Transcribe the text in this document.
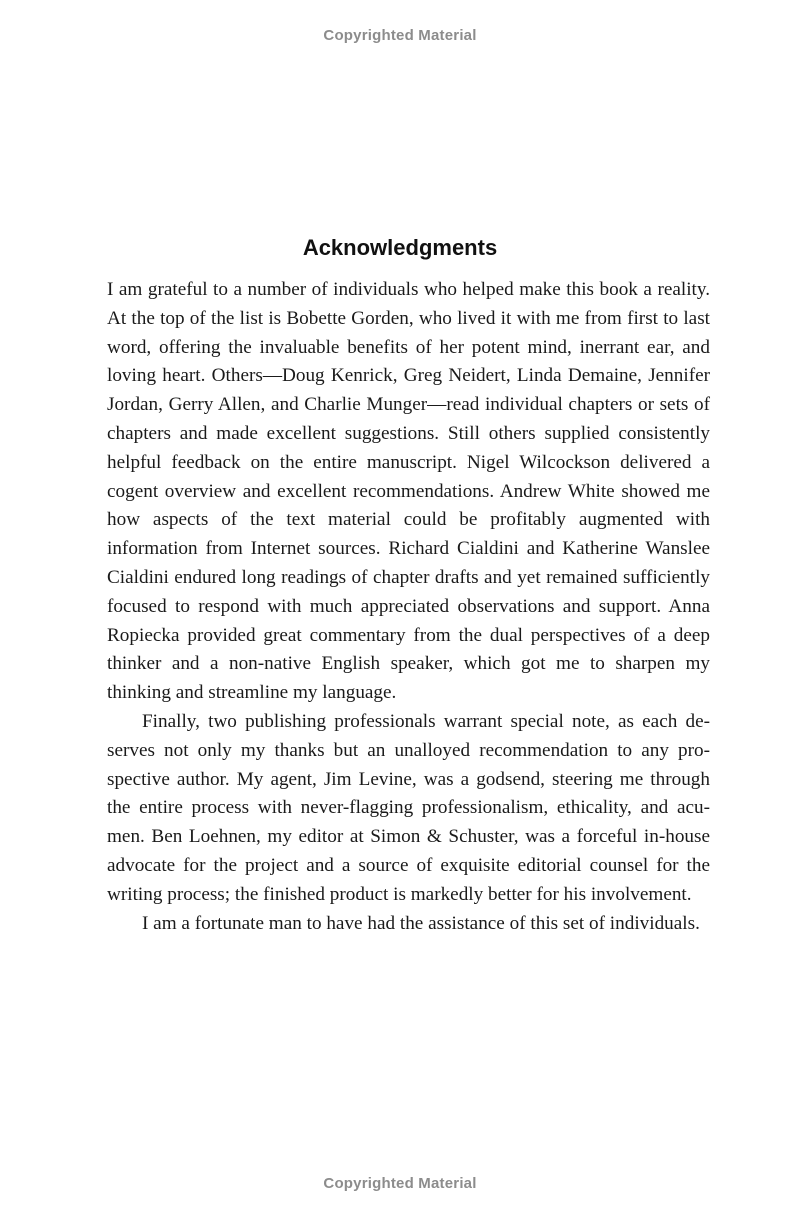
Copyrighted Material
Acknowledgments

I am grateful to a number of individuals who helped make this book a reality. At the top of the list is Bobette Gorden, who lived it with me from first to last word, offering the invaluable benefits of her potent mind, inerrant ear, and loving heart. Others—Doug Kenrick, Greg Neidert, Linda Demaine, Jennifer Jordan, Gerry Allen, and Charlie Munger—read individual chapters or sets of chapters and made excellent suggestions. Still others supplied consistently helpful feedback on the entire manuscript. Nigel Wilcockson delivered a cogent overview and excellent recommendations. Andrew White showed me how aspects of the text material could be profitably augmented with information from Internet sources. Richard Cialdini and Katherine Wanslee Cialdini endured long readings of chapter drafts and yet remained sufficiently focused to respond with much appreciated observations and support. Anna Ropiecka provided great commentary from the dual perspectives of a deep thinker and a non-native English speaker, which got me to sharpen my thinking and streamline my language.

Finally, two publishing professionals warrant special note, as each deserves not only my thanks but an unalloyed recommendation to any prospective author. My agent, Jim Levine, was a godsend, steering me through the entire process with never-flagging professionalism, ethicality, and acumen. Ben Loehnen, my editor at Simon & Schuster, was a forceful in-house advocate for the project and a source of exquisite editorial counsel for the writing process; the finished product is markedly better for his involvement.

I am a fortunate man to have had the assistance of this set of individuals.

Copyrighted Material
